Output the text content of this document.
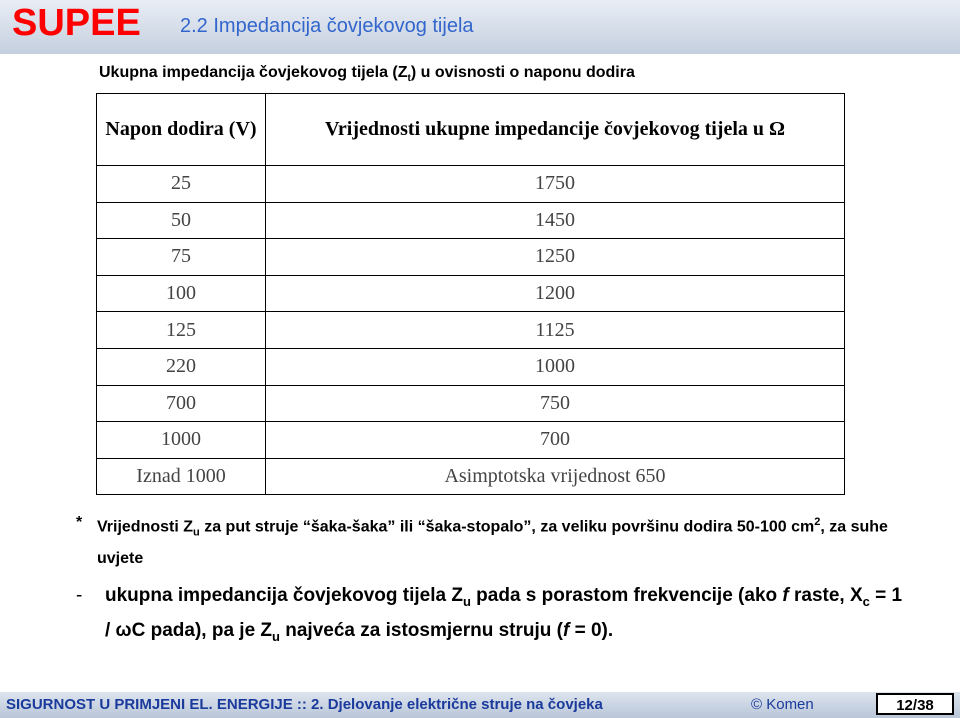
SUPEE 2.2 Impedancija čovjekovog tijela
Ukupna impedancija čovjekovog tijela $(Z_t)$ u ovisnosti o naponu dodira
Napon dodira (V)	Vrijednosti ukupne impedancije čovjekovog tijela u Ω
25	1750
50	1450
75	1250
100	1200
125	1125
220	1000
700	750
1000	700
Iznad 1000	Asimptotska vrijednost 650
* Vrijednosti $Z_u$ za put struje “šaka-šaka” ili “šaka-stopalo”, za veliku površinu dodira 50-100 $cm^2$, za suhe uvjete
- ukupna impedancija čovjekovog tijela $Z_u$ pada s porastom frekvencije (ako f raste, $X_c = 1 / \omega C$ pada), pa je $Z_u$ najveća za istosmjernu struju (f = 0).
SIGURNOST U PRIMJENI EL. ENERGIJE :: 2. Djelovanje električne struje na čovjeka	© Komen	12/38
